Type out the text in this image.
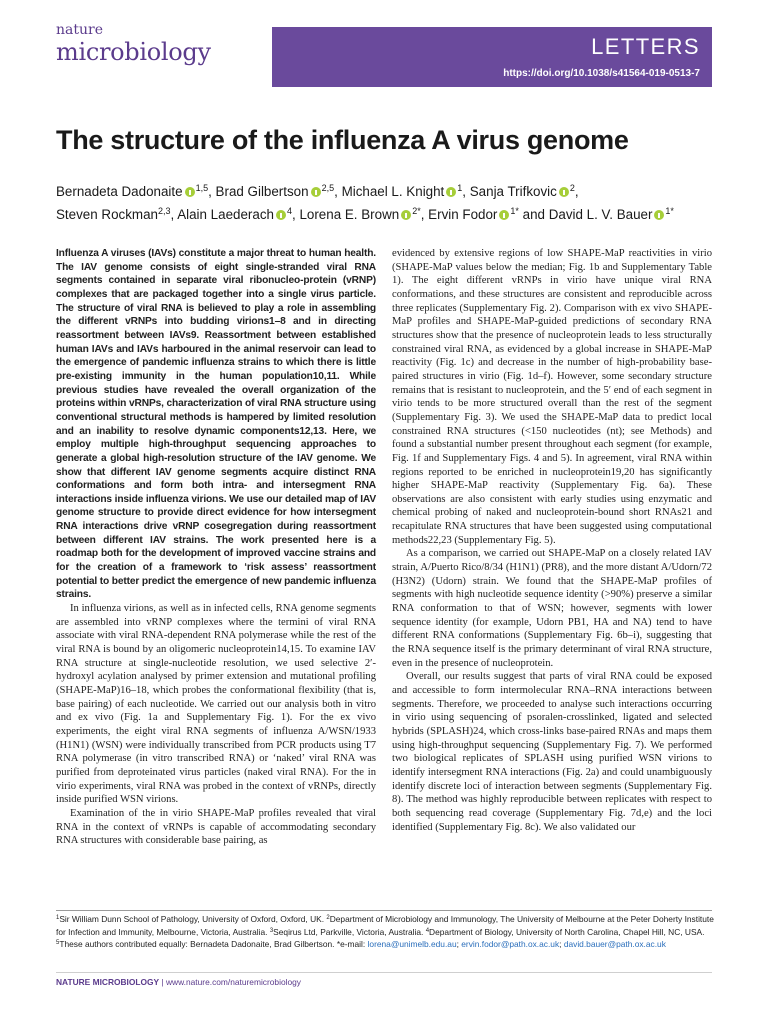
nature
microbiology	LETTERS
https://doi.org/10.1038/s41564-019-0513-7
The structure of the influenza A virus genome
Bernadeta Dadonaite $^{1,5}$, Brad Gilbertson $^{2,5}$, Michael L. Knight $^1$, Sanja Trifkovic $^2$,
Steven Rockman$^{2,3}$, Alain Laederach $^4$, Lorena E. Brown $^{2*}$, Ervin Fodor $^{1*}$ and David L. V. Bauer $^{1*}$

Influenza A viruses (IAVs) constitute a major threat to human health. The IAV genome consists of eight single-stranded viral RNA segments contained in separate viral ribonucleo-protein (vRNP) complexes that are packaged together into a single virus particle. The structure of viral RNA is believed to play a role in assembling the different vRNPs into budding virions1–8 and in directing reassortment between IAVs9. Reassortment between established human IAVs and IAVs harboured in the animal reservoir can lead to the emergence of pandemic influenza strains to which there is little pre-existing immunity in the human population10,11. While previous studies have revealed the overall organization of the proteins within vRNPs, characterization of viral RNA structure using conventional structural methods is hampered by limited resolution and an inability to resolve dynamic components12,13. Here, we employ multiple high-throughput sequencing approaches to generate a global high-resolution structure of the IAV genome. We show that different IAV genome segments acquire distinct RNA conformations and form both intra- and intersegment RNA interactions inside influenza virions. We use our detailed map of IAV genome structure to provide direct evidence for how intersegment RNA interactions drive vRNP cosegregation during reassortment between different IAV strains. The work presented here is a roadmap both for the development of improved vaccine strains and for the creation of a framework to ‘risk assess’ reassortment potential to better predict the emergence of new pandemic influenza strains.

In influenza virions, as well as in infected cells, RNA genome segments are assembled into vRNP complexes where the termini of viral RNA associate with viral RNA-dependent RNA polymerase while the rest of the viral RNA is bound by an oligomeric nucleoprotein14,15. To examine IAV RNA structure at single-nucleotide resolution, we used selective 2′-hydroxyl acylation analysed by primer extension and mutational profiling (SHAPE-MaP)16–18, which probes the conformational flexibility (that is, base pairing) of each nucleotide. We carried out our analysis both in vitro and ex vivo (Fig. 1a and Supplementary Fig. 1). For the ex vivo experiments, the eight viral RNA segments of influenza A/WSN/1933 (H1N1) (WSN) were individually transcribed from PCR products using T7 RNA polymerase (in vitro transcribed RNA) or ‘naked’ viral RNA was purified from deproteinated virus particles (naked viral RNA). For the in virio experiments, viral RNA was probed in the context of vRNPs, directly inside purified WSN virions.

Examination of the in virio SHAPE-MaP profiles revealed that viral RNA in the context of vRNPs is capable of accommodating secondary RNA structures with considerable base pairing, as

evidenced by extensive regions of low SHAPE-MaP reactivities in virio (SHAPE-MaP values below the median; Fig. 1b and Supplementary Table 1). The eight different vRNPs in virio have unique viral RNA conformations, and these structures are consistent and reproducible across three replicates (Supplementary Fig. 2). Comparison with ex vivo SHAPE-MaP profiles and SHAPE-MaP-guided predictions of secondary RNA structures show that the presence of nucleoprotein leads to less structurally constrained viral RNA, as evidenced by a global increase in SHAPE-MaP reactivity (Fig. 1c) and decrease in the number of high-probability base-paired structures in virio (Fig. 1d–f). However, some secondary structure remains that is resistant to nucleoprotein, and the 5′ end of each segment in virio tends to be more structured overall than the rest of the segment (Supplementary Fig. 3). We used the SHAPE-MaP data to predict local constrained RNA structures (<150 nucleotides (nt); see Methods) and found a substantial number present throughout each segment (for example, Fig. 1f and Supplementary Figs. 4 and 5). In agreement, viral RNA within regions reported to be enriched in nucleoprotein19,20 has significantly higher SHAPE-MaP reactivity (Supplementary Fig. 6a). These observations are also consistent with early studies using enzymatic and chemical probing of naked and nucleoprotein-bound short RNAs21 and recapitulate RNA structures that have been suggested using computational methods22,23 (Supplementary Fig. 5).

As a comparison, we carried out SHAPE-MaP on a closely related IAV strain, A/Puerto Rico/8/34 (H1N1) (PR8), and the more distant A/Udorn/72 (H3N2) (Udorn) strain. We found that the SHAPE-MaP profiles of segments with high nucleotide sequence identity (>90%) preserve a similar RNA conformation to that of WSN; however, segments with lower sequence identity (for example, Udorn PB1, HA and NA) tend to have different RNA conformations (Supplementary Fig. 6b–i), suggesting that the RNA sequence itself is the primary determinant of viral RNA structure, even in the presence of nucleoprotein.

Overall, our results suggest that parts of viral RNA could be exposed and accessible to form intermolecular RNA–RNA interactions between segments. Therefore, we proceeded to analyse such interactions occurring in virio using sequencing of psoralen-crosslinked, ligated and selected hybrids (SPLASH)24, which cross-links base-paired RNAs and maps them using high-throughput sequencing (Supplementary Fig. 7). We performed two biological replicates of SPLASH using purified WSN virions to identify intersegment RNA interactions (Fig. 2a) and could unambiguously identify discrete loci of interaction between segments (Supplementary Fig. 8). The method was highly reproducible between replicates with respect to both sequencing read coverage (Supplementary Fig. 7d,e) and the loci identified (Supplementary Fig. 8c). We also validated our

$^1$Sir William Dunn School of Pathology, University of Oxford, Oxford, UK. $^2$Department of Microbiology and Immunology, The University of Melbourne at the Peter Doherty Institute for Infection and Immunity, Melbourne, Victoria, Australia. $^3$Seqirus Ltd, Parkville, Victoria, Australia. $^4$Department of Biology, University of North Carolina, Chapel Hill, NC, USA. $^5$These authors contributed equally: Bernadeta Dadonaite, Brad Gilbertson. *e-mail: lorena@unimelb.edu.au; ervin.fodor@path.ox.ac.uk; david.bauer@path.ox.ac.uk
NATURE MICROBIOLOGY | www.nature.com/naturemicrobiology
